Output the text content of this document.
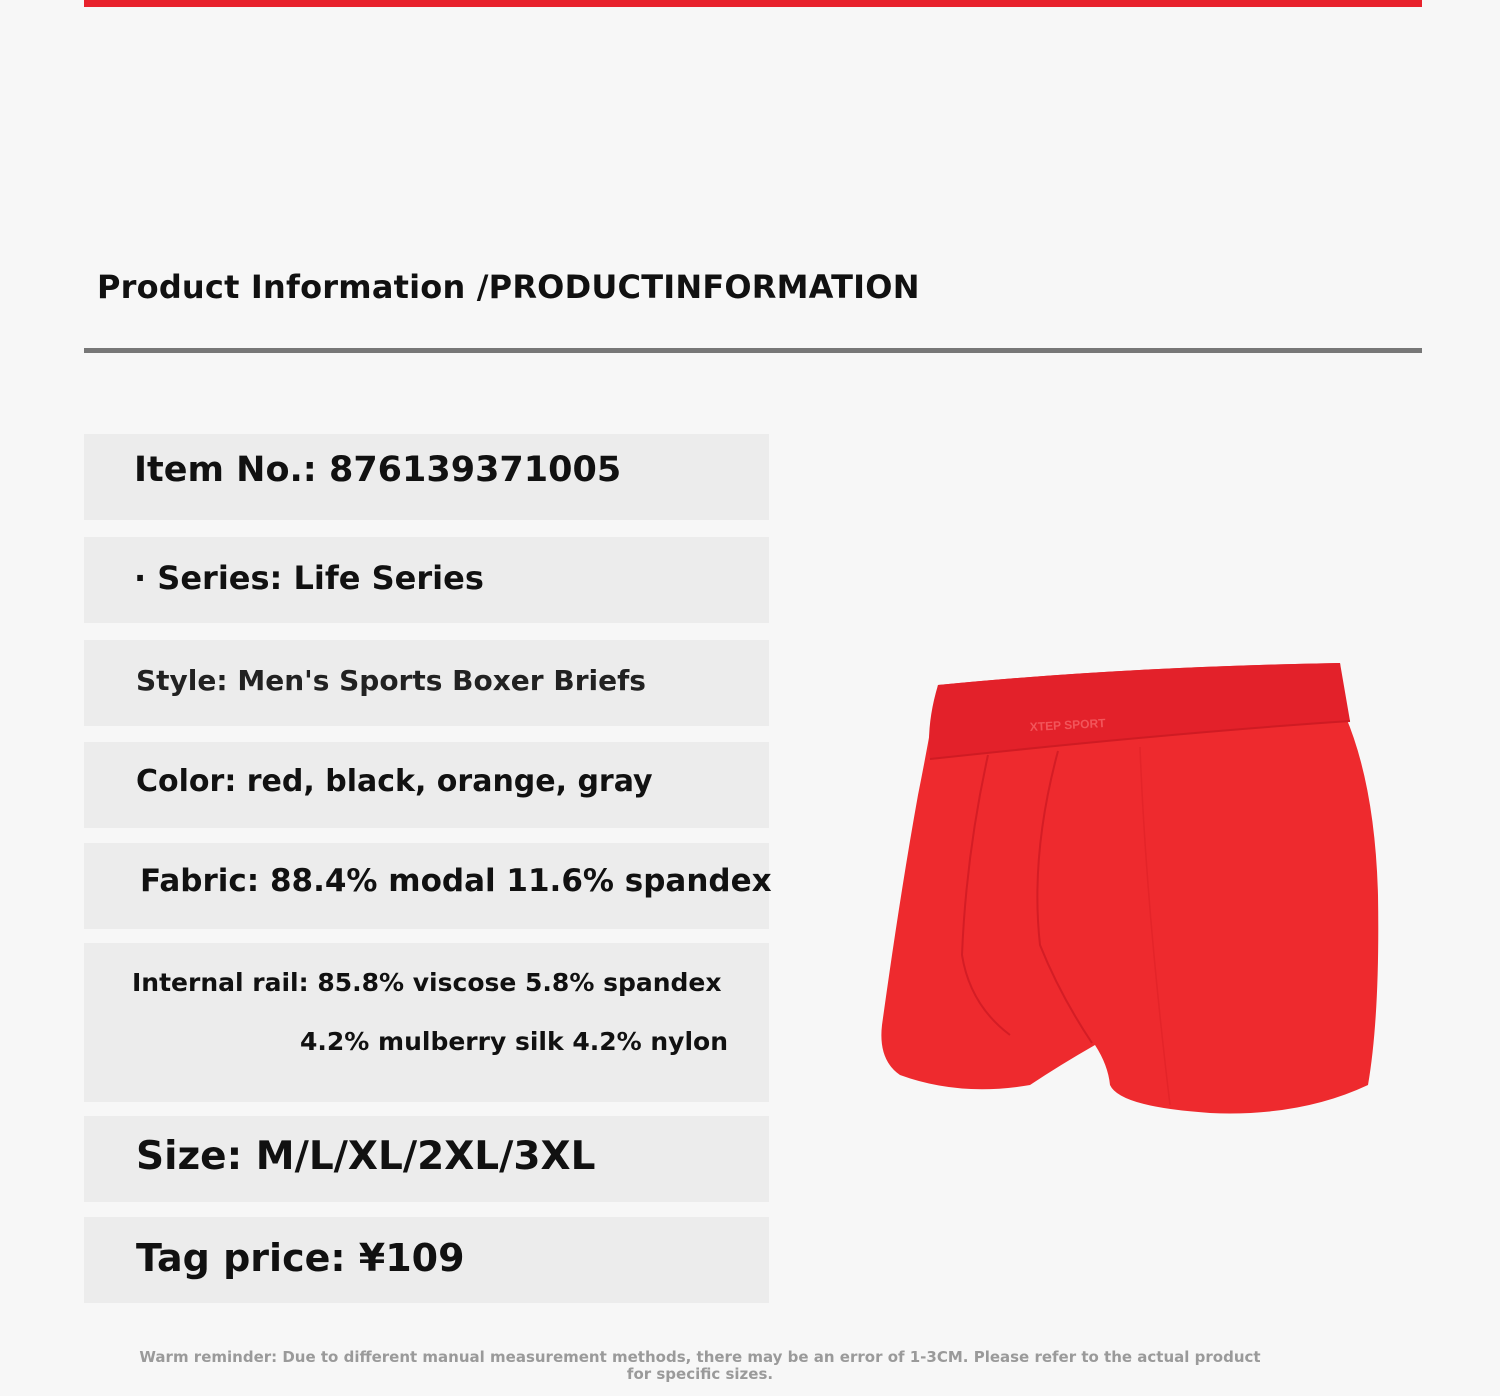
Product Information /PRODUCTINFORMATION
Item No.: 876139371005
· Series: Life Series
Style: Men's Sports Boxer Briefs
Color: red, black, orange, gray
Fabric: 88.4% modal 11.6% spandex
Internal rail: 85.8% viscose 5.8% spandex
4.2% mulberry silk 4.2% nylon
Size: M/L/XL/2XL/3XL
Tag price: ¥109
XTEP SPORT
Warm reminder: Due to different manual measurement methods, there may be an error of 1-3CM. Please refer to the actual product for specific sizes.
